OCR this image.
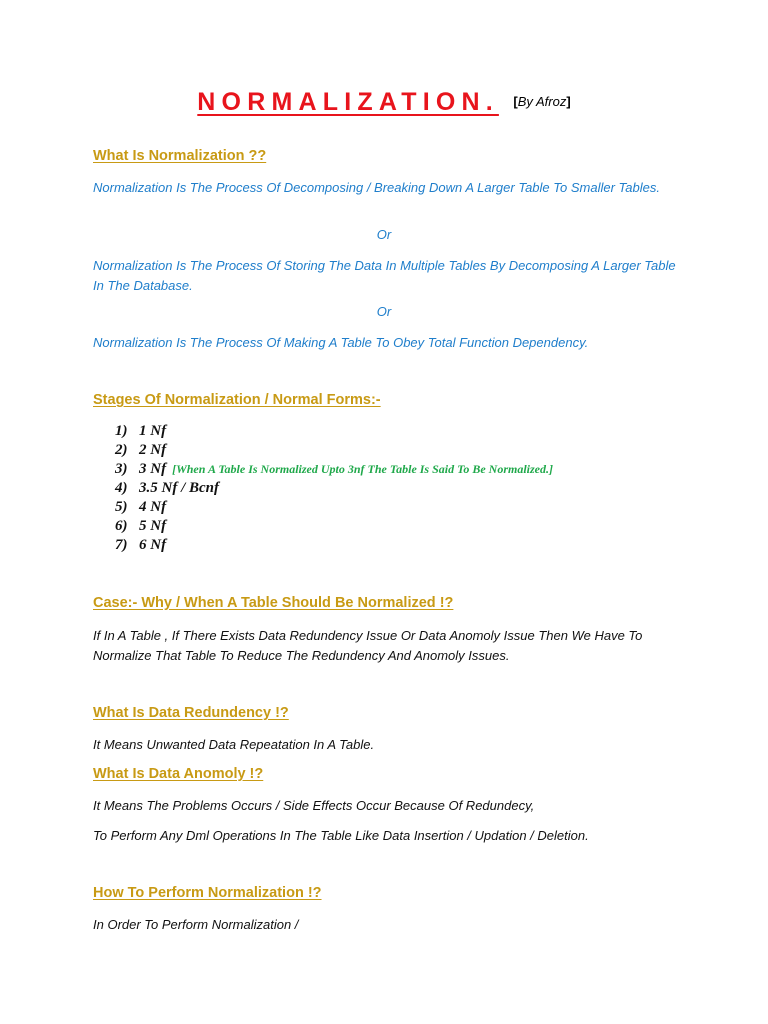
NORMALIZATION. [By Afroz]
What Is Normalization ??
Normalization Is The Process Of Decomposing / Breaking Down A Larger Table To Smaller Tables.
Or
Normalization Is The Process Of Storing The Data In Multiple Tables By Decomposing A Larger Table In The Database.
Or
Normalization Is The Process Of Making A Table To Obey Total Function Dependency.
Stages Of Normalization / Normal Forms:-
1) 1 Nf
2) 2 Nf
3) 3 Nf [When A Table Is Normalized Upto 3nf The Table Is Said To Be Normalized.]
4) 3.5 Nf / Bcnf
5) 4 Nf
6) 5 Nf
7) 6 Nf
Case:- Why / When A Table Should Be Normalized !?
If In A Table , If There Exists Data Redundency Issue Or Data Anomoly Issue Then We Have To Normalize That Table To Reduce The Redundency And Anomoly Issues.
What Is Data Redundency !?
It Means Unwanted Data Repeatation In A Table.
What Is Data Anomoly !?
It Means The Problems Occurs / Side Effects Occur Because Of Redundecy,
To Perform Any Dml Operations In The Table Like Data Insertion / Updation / Deletion.
How To Perform Normalization !?
In Order To Perform Normalization /
